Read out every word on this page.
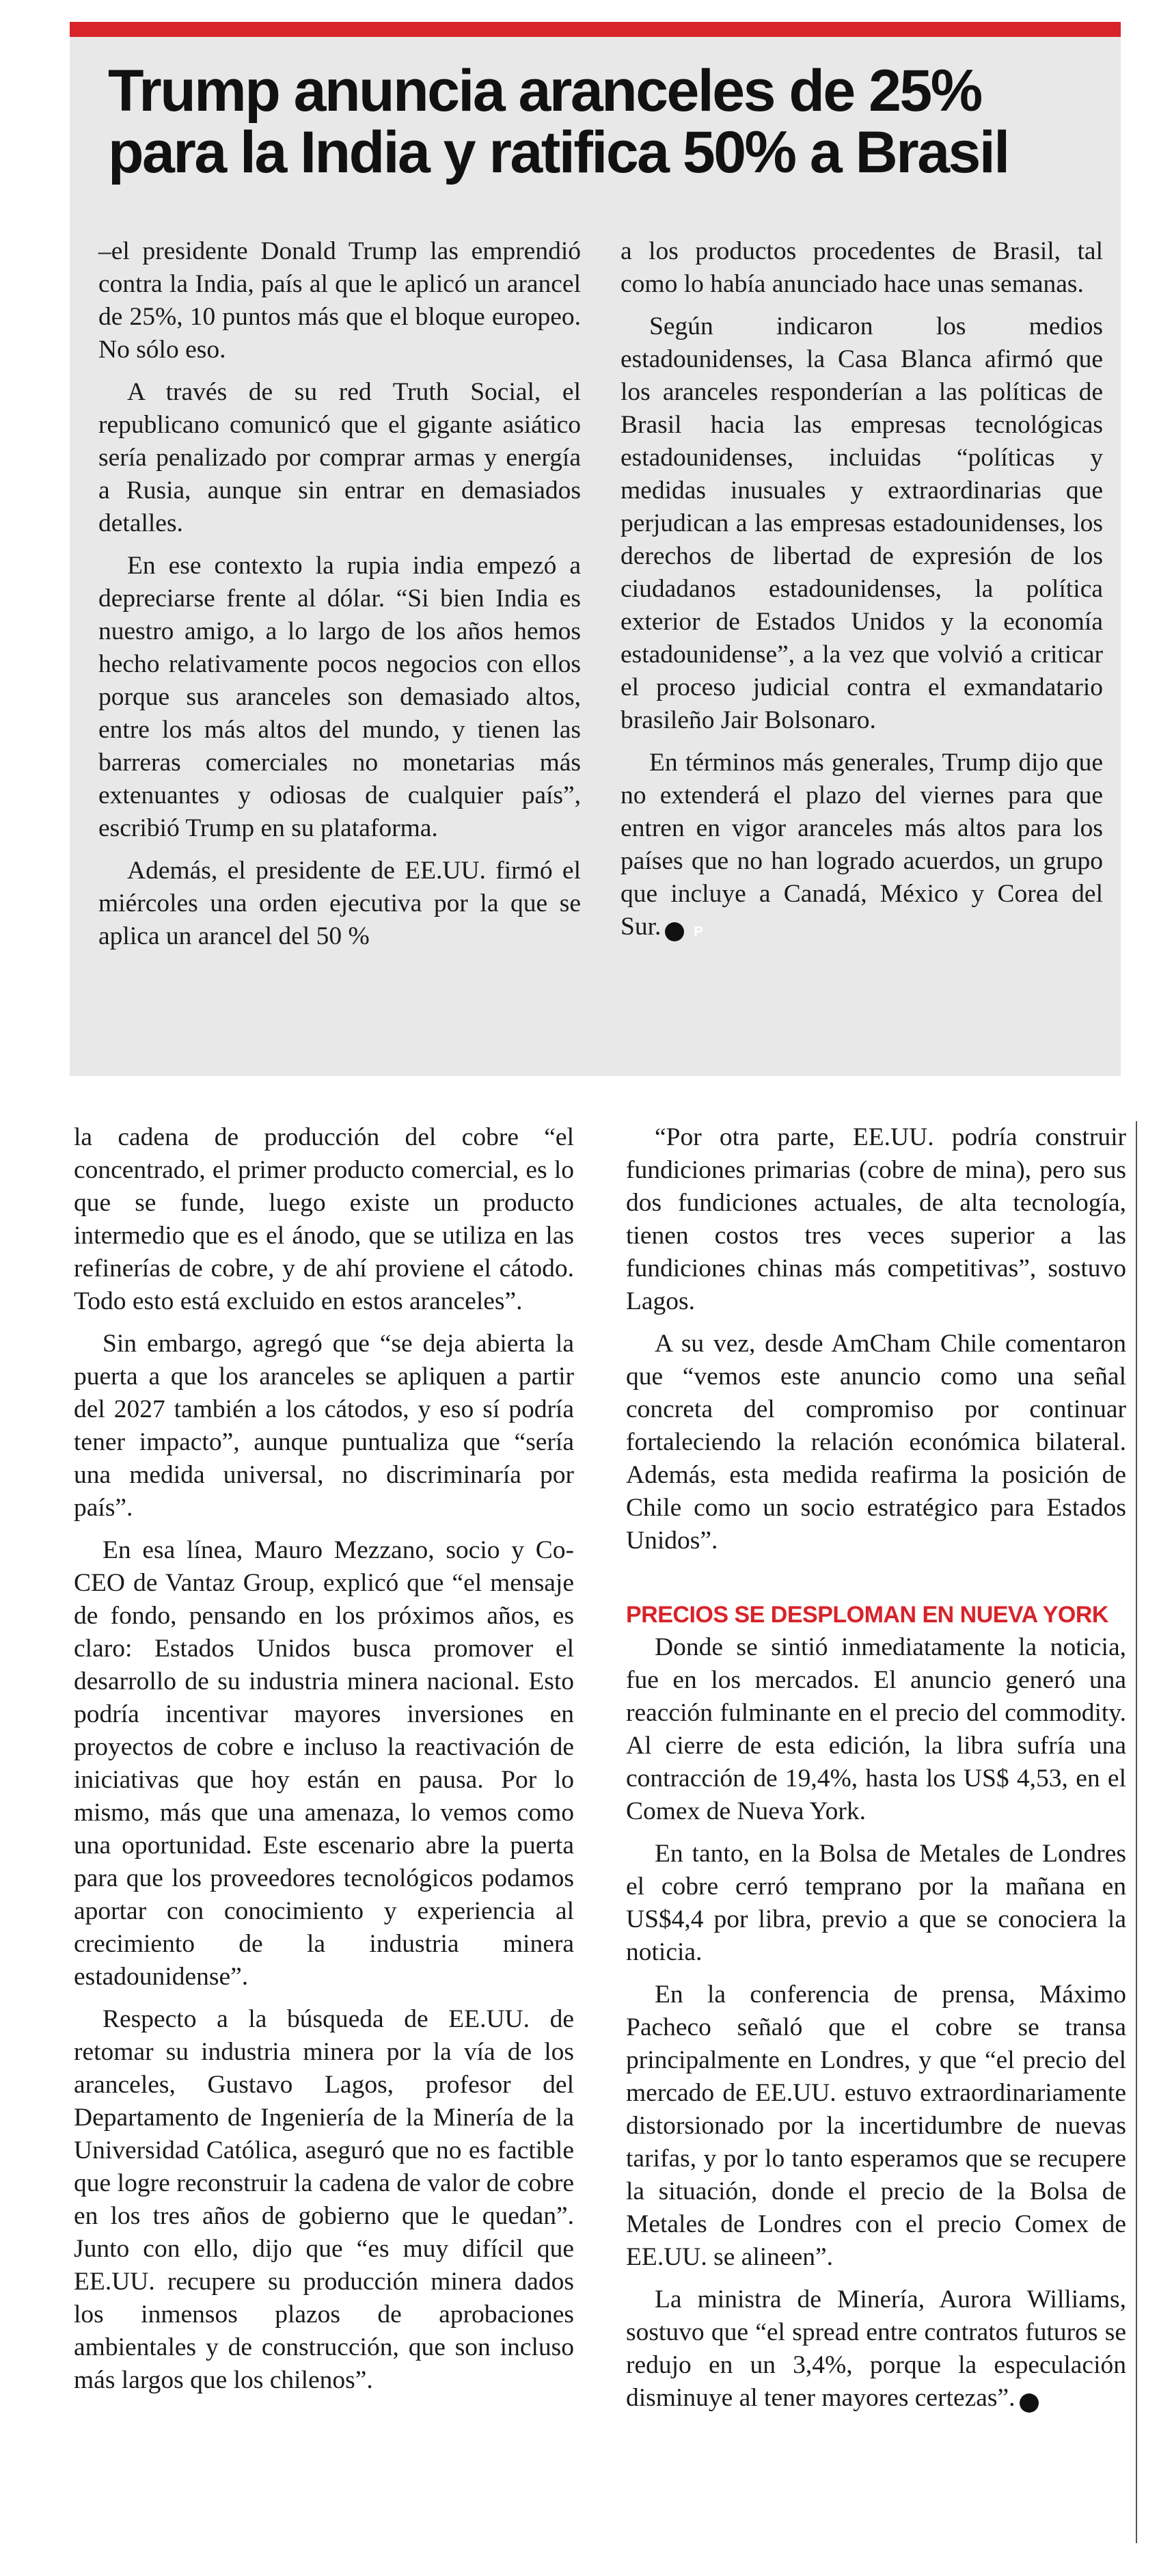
Trump anuncia aranceles de 25% para la India y ratifica 50% a Brasil

–el presidente Donald Trump las emprendió contra la India, país al que le aplicó un arancel de 25%, 10 puntos más que el bloque europeo. No sólo eso.

A través de su red Truth Social, el republicano comunicó que el gigante asiático sería penalizado por comprar armas y energía a Rusia, aunque sin entrar en demasiados detalles.

En ese contexto la rupia india empezó a depreciarse frente al dólar. “Si bien India es nuestro amigo, a lo largo de los años hemos hecho relativamente pocos negocios con ellos porque sus aranceles son demasiado altos, entre los más altos del mundo, y tienen las barreras comerciales no monetarias más extenuantes y odiosas de cualquier país”, escribió Trump en su plataforma.

Además, el presidente de EE.UU. firmó el miércoles una orden ejecutiva por la que se aplica un arancel del 50 %

a los productos procedentes de Brasil, tal como lo había anunciado hace unas semanas.

Según indicaron los medios estadounidenses, la Casa Blanca afirmó que los aranceles responderían a las políticas de Brasil hacia las empresas tecnológicas estadounidenses, incluidas “políticas y medidas inusuales y extraordinarias que perjudican a las empresas estadounidenses, los derechos de libertad de expresión de los ciudadanos estadounidenses, la política exterior de Estados Unidos y la economía estadounidense”, a la vez que volvió a criticar el proceso judicial contra el exmandatario brasileño Jair Bolsonaro.

En términos más generales, Trump dijo que no extenderá el plazo del viernes para que entren en vigor aranceles más altos para los países que no han logrado acuerdos, un grupo que incluye a Canadá, México y Corea del Sur. P

la cadena de producción del cobre “el concentrado, el primer producto comercial, es lo que se funde, luego existe un producto intermedio que es el ánodo, que se utiliza en las refinerías de cobre, y de ahí proviene el cátodo. Todo esto está excluido en estos aranceles”.

Sin embargo, agregó que “se deja abierta la puerta a que los aranceles se apliquen a partir del 2027 también a los cátodos, y eso sí podría tener impacto”, aunque puntualiza que “sería una medida universal, no discriminaría por país”.

En esa línea, Mauro Mezzano, socio y Co-CEO de Vantaz Group, explicó que “el mensaje de fondo, pensando en los próximos años, es claro: Estados Unidos busca promover el desarrollo de su industria minera nacional. Esto podría incentivar mayores inversiones en proyectos de cobre e incluso la reactivación de iniciativas que hoy están en pausa. Por lo mismo, más que una amenaza, lo vemos como una oportunidad. Este escenario abre la puerta para que los proveedores tecnológicos podamos aportar con conocimiento y experiencia al crecimiento de la industria minera estadounidense”.

Respecto a la búsqueda de EE.UU. de retomar su industria minera por la vía de los aranceles, Gustavo Lagos, profesor del Departamento de Ingeniería de la Minería de la Universidad Católica, aseguró que no es factible que logre reconstruir la cadena de valor de cobre en los tres años de gobierno que le quedan”. Junto con ello, dijo que “es muy difícil que EE.UU. recupere su producción minera dados los inmensos plazos de aprobaciones ambientales y de construcción, que son incluso más largos que los chilenos”.

“Por otra parte, EE.UU. podría construir fundiciones primarias (cobre de mina), pero sus dos fundiciones actuales, de alta tecnología, tienen costos tres veces superior a las fundiciones chinas más competitivas”, sostuvo Lagos.

A su vez, desde AmCham Chile comentaron que “vemos este anuncio como una señal concreta del compromiso por continuar fortaleciendo la relación económica bilateral. Además, esta medida reafirma la posición de Chile como un socio estratégico para Estados Unidos”.

PRECIOS SE DESPLOMAN EN NUEVA YORK

Donde se sintió inmediatamente la noticia, fue en los mercados. El anuncio generó una reacción fulminante en el precio del commodity. Al cierre de esta edición, la libra sufría una contracción de 19,4%, hasta los US$ 4,53, en el Comex de Nueva York.

En tanto, en la Bolsa de Metales de Londres el cobre cerró temprano por la mañana en US$4,4 por libra, previo a que se conociera la noticia.

En la conferencia de prensa, Máximo Pacheco señaló que el cobre se transa principalmente en Londres, y que “el precio del mercado de EE.UU. estuvo extraordinariamente distorsionado por la incertidumbre de nuevas tarifas, y por lo tanto esperamos que se recupere la situación, donde el precio de la Bolsa de Metales de Londres con el precio Comex de EE.UU. se alineen”.

La ministra de Minería, Aurora Williams, sostuvo que “el spread entre contratos futuros se redujo en un 3,4%, porque la especulación disminuye al tener mayores certezas”. P
